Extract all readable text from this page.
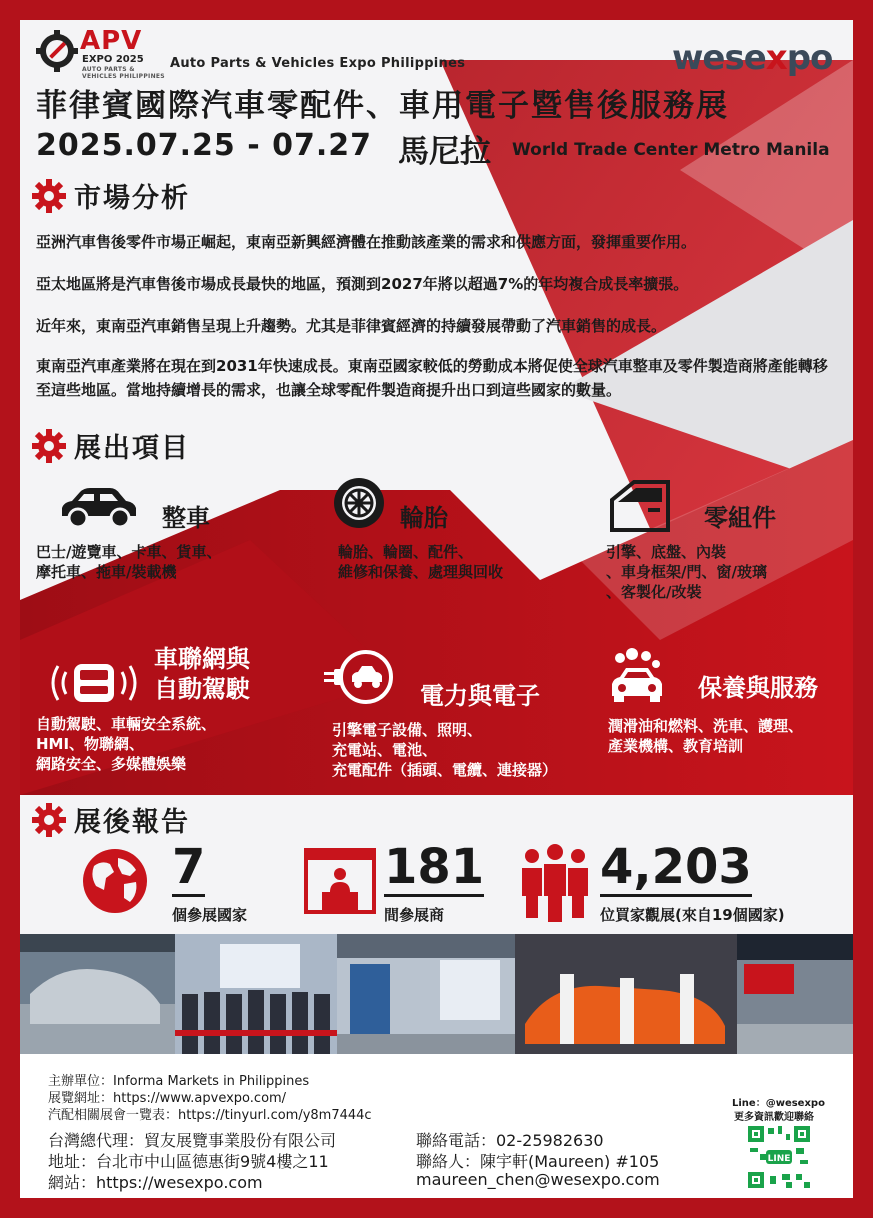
APV
EXPO 2025
AUTO PARTS & VEHICLES PHILIPPINES
Auto Parts & Vehicles Expo Philippines	wesexpo
菲律賓國際汽車零配件、車用電子暨售後服務展
2025.07.25 - 07.27 馬尼拉 World Trade Center Metro Manila
市場分析

亞洲汽車售後零件市場正崛起，東南亞新興經濟體在推動該產業的需求和供應方面，發揮重要作用。

亞太地區將是汽車售後市場成長最快的地區，預測到2027年將以超過7%的年均複合成長率擴張。

近年來，東南亞汽車銷售呈現上升趨勢。尤其是菲律賓經濟的持續發展帶動了汽車銷售的成長。

東南亞汽車產業將在現在到2031年快速成長。東南亞國家較低的勞動成本將促使全球汽車整車及零件製造商將產能轉移至這些地區。當地持續增長的需求，也讓全球零配件製造商提升出口到這些國家的數量。

展出項目
整車
巴士/遊覽車、卡車、貨車、
摩托車、拖車/裝載機
輪胎
輪胎、輪圈、配件、
維修和保養、處理與回收
零組件
引擎、底盤、內裝
、車身框架/門、窗/玻璃
、客製化/改裝
車聯網與
自動駕駛
自動駕駛、車輛安全系統、
HMI、物聯網、
網路安全、多媒體娛樂
電力與電子
引擎電子設備、照明、
充電站、電池、
充電配件（插頭、電纜、連接器）
保養與服務
潤滑油和燃料、洗車、護理、
產業機構、教育培訓
展後報告
7
個參展國家
181
間參展商
4,203
位買家觀展(來自19個國家)
主辦單位：Informa Markets in Philippines
展覽網址：https://www.apvexpo.com/
汽配相關展會一覽表：https://tinyurl.com/y8m7444c
台灣總代理：貿友展覽事業股份有限公司
地址：台北市中山區德惠街9號4樓之11
網站：https://wesexpo.com
聯絡電話：02-25982630
聯絡人：陳宇軒(Maureen) #105
maureen_chen@wesexpo.com
Line：@wesexpo
更多資訊歡迎聯絡
LINE
